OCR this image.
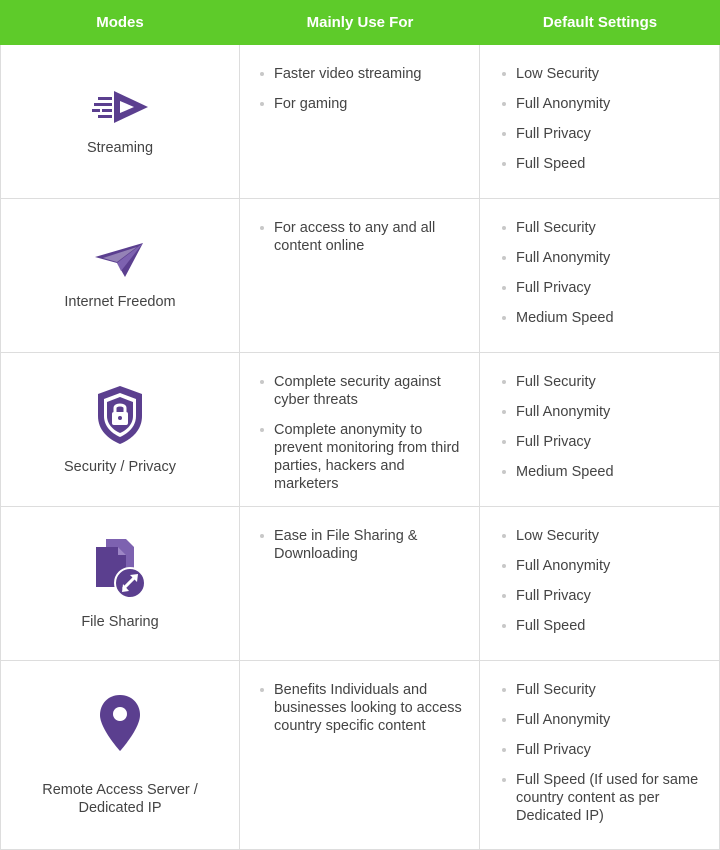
Modes	Mainly Use For	Default Settings
Streaming
Faster video streaming
For gaming
Low Security
Full Anonymity
Full Privacy
Full Speed
Internet Freedom
For access to any and all content online
Full Security
Full Anonymity
Full Privacy
Medium Speed
Security / Privacy
Complete security against cyber threats
Complete anonymity to prevent monitoring from third parties, hackers and marketers
Full Security
Full Anonymity
Full Privacy
Medium Speed
File Sharing
Ease in File Sharing & Downloading
Low Security
Full Anonymity
Full Privacy
Full Speed
Remote Access Server / Dedicated IP
Benefits Individuals and businesses looking to access country specific content
Full Security
Full Anonymity
Full Privacy
Full Speed (If used for same country content as per Dedicated IP)
